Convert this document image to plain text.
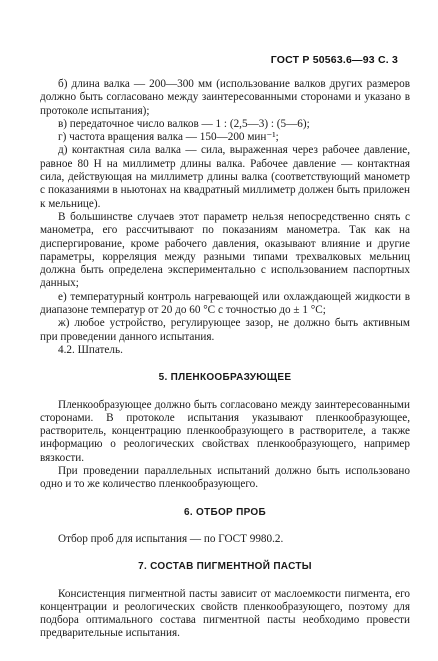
ГОСТ Р 50563.6—93 С. 3

б) длина валка — 200—300 мм (использование валков других размеров должно быть согласовано между заинтересованными сторонами и указано в протоколе испытания);

в) передаточное число валков — 1 : (2,5—3) : (5—6);

г) частота вращения валка — 150—200 мин⁻¹;

д) контактная сила валка — сила, выраженная через рабочее давление, равное 80 Н на миллиметр длины валка. Рабочее давление — контактная сила, действующая на миллиметр длины валка (соответствующий манометр с показаниями в ньютонах на квадратный миллиметр должен быть приложен к мельнице).

В большинстве случаев этот параметр нельзя непосредственно снять с манометра, его рассчитывают по показаниям манометра. Так как на диспергирование, кроме рабочего давления, оказывают влияние и другие параметры, корреляция между разными типами трехвалковых мельниц должна быть определена экспериментально с использованием паспортных данных;

е) температурный контроль нагревающей или охлаждающей жидкости в диапазоне температур от 20 до 60 °С с точностью до ± 1 °С;

ж) любое устройство, регулирующее зазор, не должно быть активным при проведении данного испытания.

4.2. Шпатель.

5. ПЛЕНКООБРАЗУЮЩЕЕ

Пленкообразующее должно быть согласовано между заинтересованными сторонами. В протоколе испытания указывают пленкообразующее, растворитель, концентрацию пленкообразующего в растворителе, а также информацию о реологических свойствах пленкообразующего, например вязкости.

При проведении параллельных испытаний должно быть использовано одно и то же количество пленкообразующего.

6. ОТБОР ПРОБ

Отбор проб для испытания — по ГОСТ 9980.2.

7. СОСТАВ ПИГМЕНТНОЙ ПАСТЫ

Консистенция пигментной пасты зависит от маслоемкости пигмента, его концентрации и реологических свойств пленкообразующего, поэтому для подбора оптимального состава пигментной пасты необходимо провести предварительные испытания.
